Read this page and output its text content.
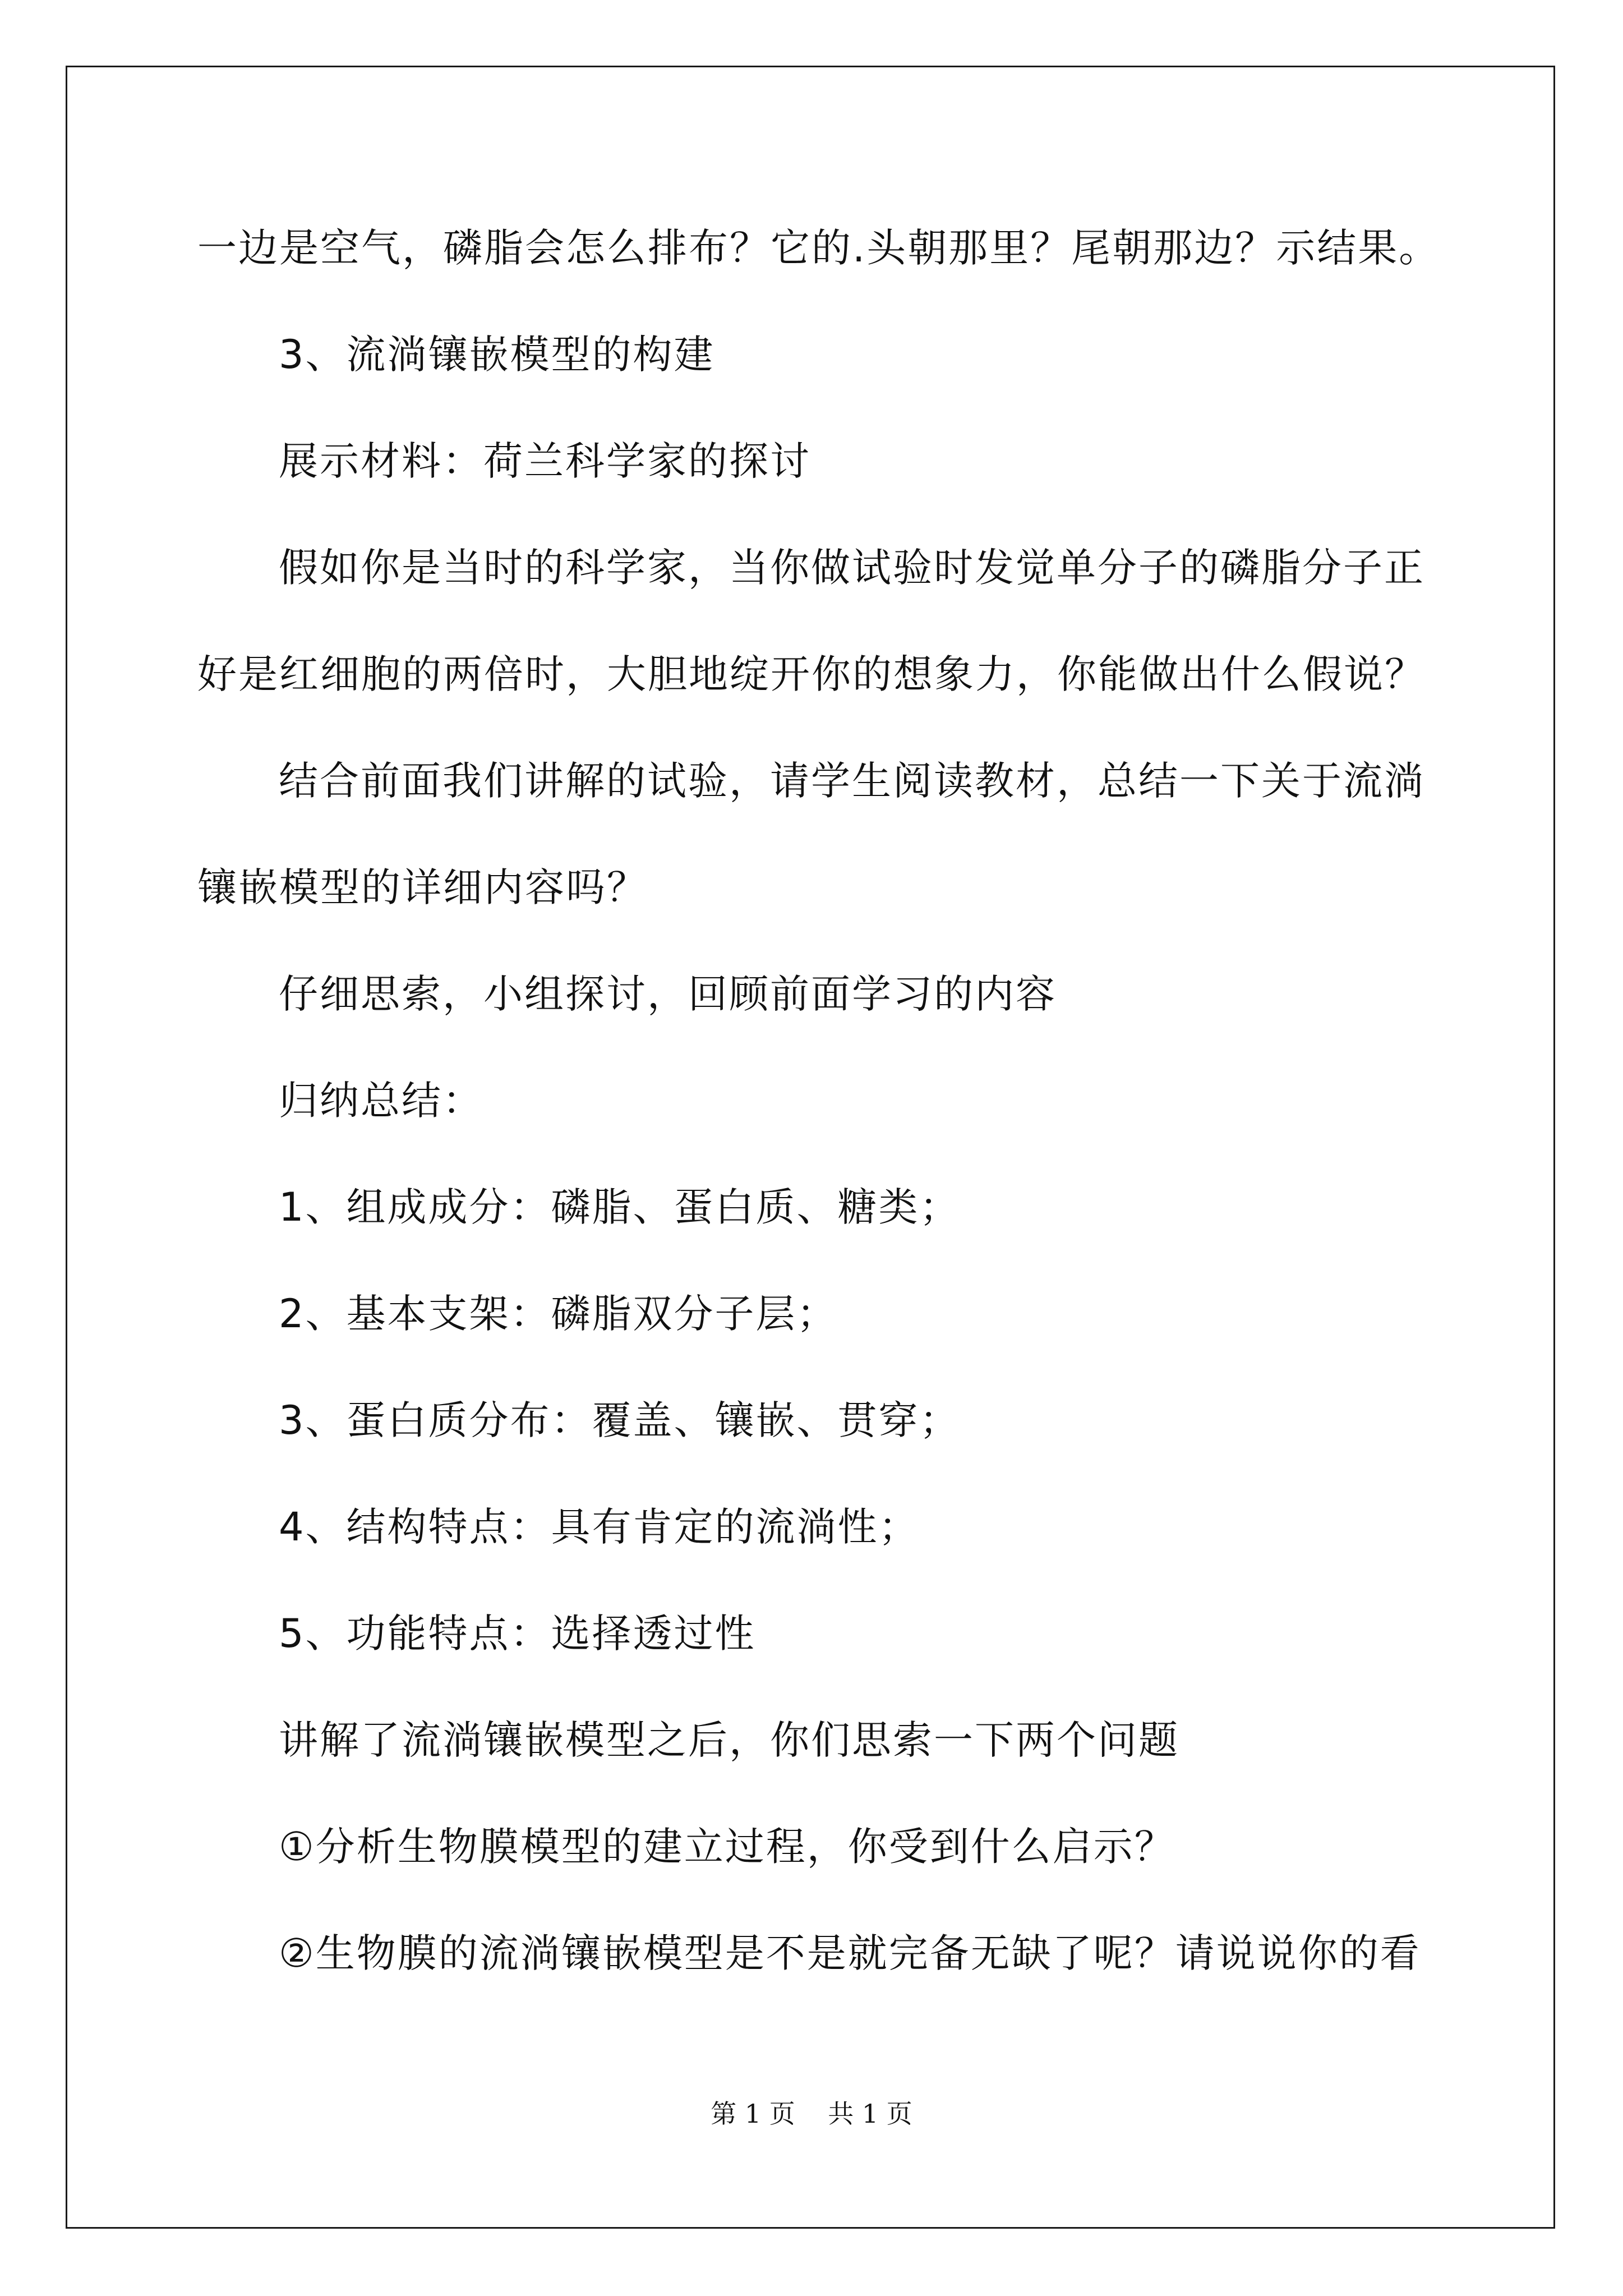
一边是空气，磷脂会怎么排布？它的.头朝那里？尾朝那边？示结果。

3、流淌镶嵌模型的构建

展示材料：荷兰科学家的探讨

假如你是当时的科学家，当你做试验时发觉单分子的磷脂分子正

好是红细胞的两倍时，大胆地绽开你的想象力，你能做出什么假说？

结合前面我们讲解的试验，请学生阅读教材，总结一下关于流淌

镶嵌模型的详细内容吗？

仔细思索，小组探讨，回顾前面学习的内容

归纳总结：

1、组成成分：磷脂、蛋白质、糖类；

2、基本支架：磷脂双分子层；

3、蛋白质分布：覆盖、镶嵌、贯穿；

4、结构特点：具有肯定的流淌性；

5、功能特点：选择透过性

讲解了流淌镶嵌模型之后，你们思索一下两个问题

①分析生物膜模型的建立过程，你受到什么启示？

②生物膜的流淌镶嵌模型是不是就完备无缺了呢？请说说你的看

第 1 页    共 1 页
